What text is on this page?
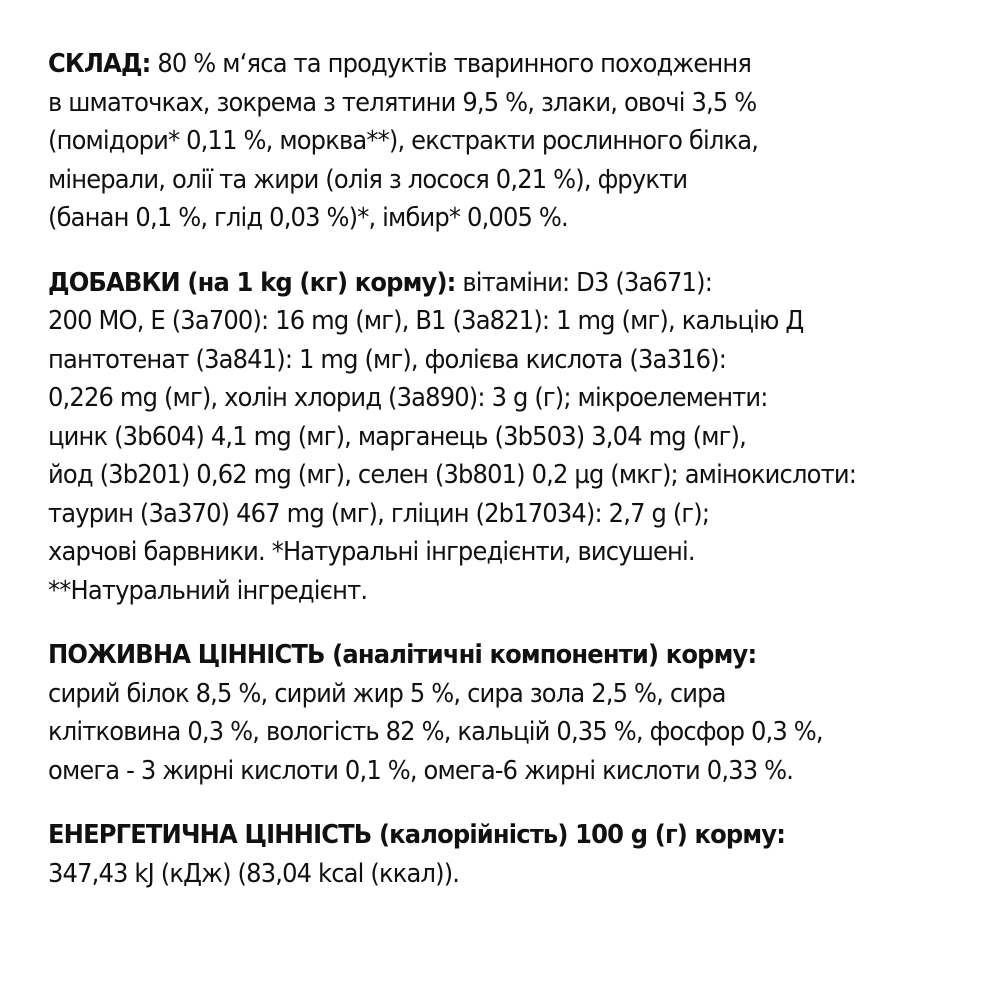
СКЛАД: 80 % м‘яса та продуктів тваринного походження
в шматочках, зокрема з телятини 9,5 %, злаки, овочі 3,5 %
(помідори* 0,11 %, морква**), екстракти рослинного білка,
мінерали, олії та жири (олія з лосося 0,21 %), фрукти
(банан 0,1 %, глід 0,03 %)*, імбир* 0,005 %.
ДОБАВКИ (на 1 kg (кг) корму): вітаміни: D3 (3а671):
200 МО, Е (3а700): 16 mg (мг), B1 (3а821): 1 mg (мг), кальцію Д
пантотенат (3а841): 1 mg (мг), фолієва кислота (3а316):
0,226 mg (мг), холін хлорид (3а890): 3 g (г); мікроелементи:
цинк (3b604) 4,1 mg (мг), марганець (3b503) 3,04 mg (мг),
йод (3b201) 0,62 mg (мг), селен (3b801) 0,2 µg (мкг); амінокислоти:
таурин (3а370) 467 mg (мг), гліцин (2b17034): 2,7 g (г);
харчові барвники. *Натуральні інгредієнти, висушені.
**Натуральний інгредієнт.
ПОЖИВНА ЦІННІСТЬ (аналітичні компоненти) корму:
сирий білок 8,5 %, сирий жир 5 %, сира зола 2,5 %, сира
клітковина 0,3 %, вологість 82 %, кальцій 0,35 %, фосфор 0,3 %,
омега - 3 жирні кислоти 0,1 %, омега-6 жирні кислоти 0,33 %.
ЕНЕРГЕТИЧНА ЦІННІСТЬ (калорійність) 100 g (г) корму:
347,43 kJ (кДж) (83,04 kcal (ккал)).
